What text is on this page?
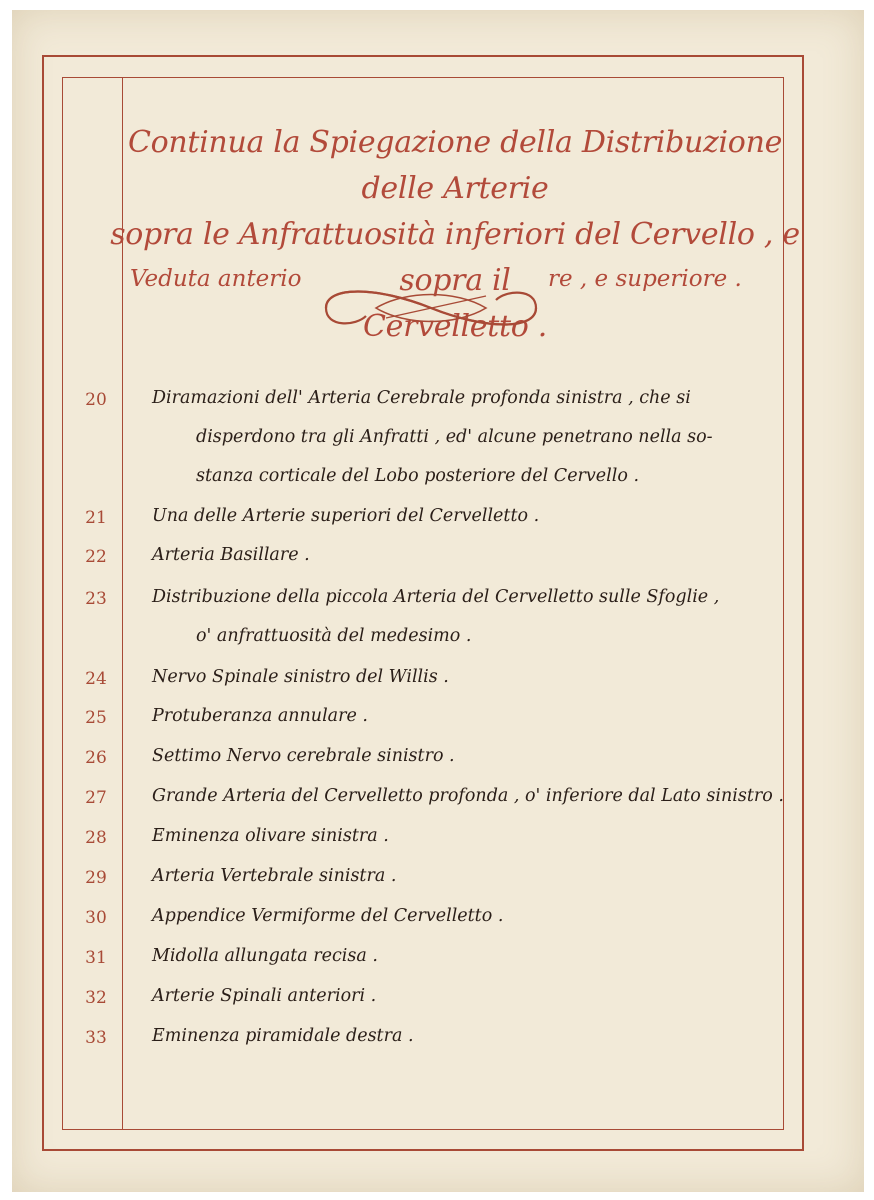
Continua la Spiegazione della Distribuzione delle Arterie
sopra le Anfrattuosità inferiori del Cervello , e sopra il
Cervelletto .
Veduta anterio	re , e superiore .
20	Diramazioni dell' Arteria Cerebrale profonda sinistra , che si
disperdono tra gli Anfratti , ed' alcune penetrano nella so-
stanza corticale del Lobo posteriore del Cervello .
21	Una delle Arterie superiori del Cervelletto .
22	Arteria Basillare .
23	Distribuzione della piccola Arteria del Cervelletto sulle Sfoglie ,
o' anfrattuosità del medesimo .
24	Nervo Spinale sinistro del Willis .
25	Protuberanza annulare .
26	Settimo Nervo cerebrale sinistro .
27	Grande Arteria del Cervelletto profonda , o' inferiore dal Lato sinistro .
28	Eminenza olivare sinistra .
29	Arteria Vertebrale sinistra .
30	Appendice Vermiforme del Cervelletto .
31	Midolla allungata recisa .
32	Arterie Spinali anteriori .
33	Eminenza piramidale destra .
